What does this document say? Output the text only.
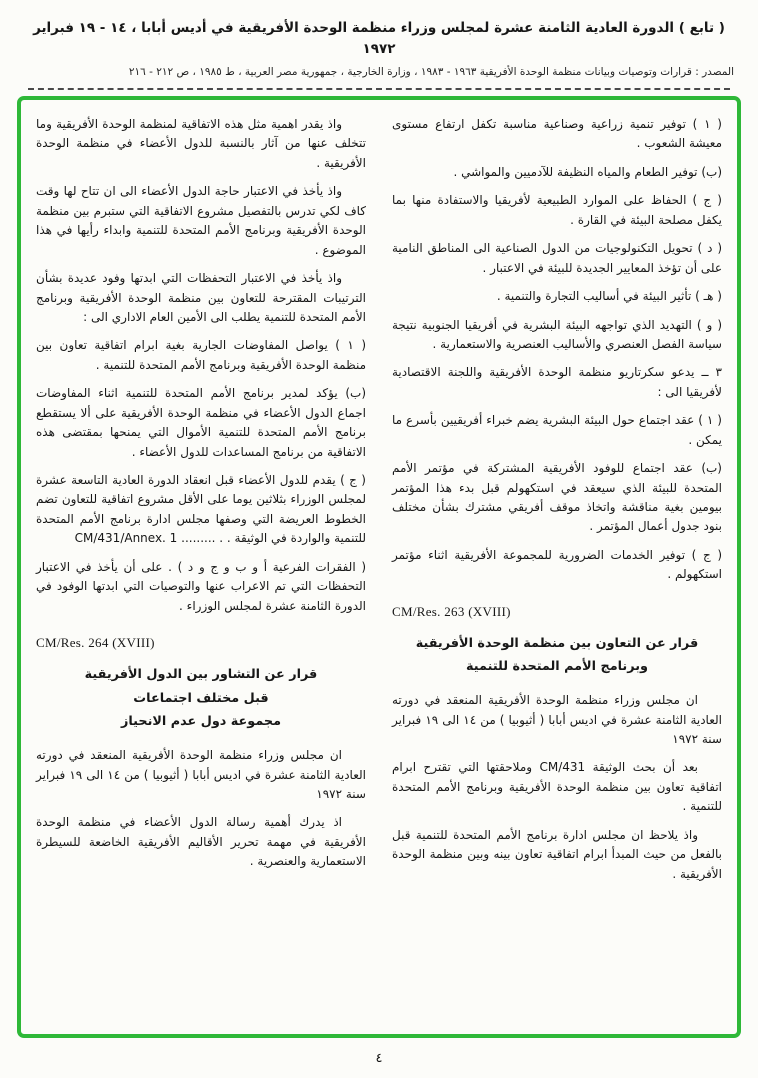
( تابع ) الدورة العادية الثامنة عشرة لمجلس وزراء منظمة الوحدة الأفريقية في أديس أبابا ، ١٤ - ١٩ فبراير ١٩٧٢
المصدر : قرارات وتوصيات وبيانات منظمة الوحدة الأفريقية ١٩٦٣ - ١٩٨٣ ، وزارة الخارجية ، جمهورية مصر العربية ، ط ١٩٨٥ ، ص ٢١٢ - ٢١٦
( ١ ) توفير تنمية زراعية وصناعية مناسبة تكفل ارتفاع مستوى معيشة الشعوب .
(ب) توفير الطعام والمياه النظيفة للآدميين والمواشي .
( ج ) الحفاظ على الموارد الطبيعية لأفريقيا والاستفادة منها بما يكفل مصلحة البيئة في القارة .
( د ) تحويل التكنولوجيات من الدول الصناعية الى المناطق النامية على أن تؤخذ المعايير الجديدة للبيئة في الاعتبار .
( هـ ) تأثير البيئة في أساليب التجارة والتنمية .
( و ) التهديد الذي تواجهه البيئة البشرية في أفريقيا الجنوبية نتيجة سياسة الفصل العنصري والأساليب العنصرية والاستعمارية .
٣ ــ يدعو سكرتاريو منظمة الوحدة الأفريقية واللجنة الاقتصادية لأفريقيا الى :
( ١ ) عقد اجتماع حول البيئة البشرية يضم خبراء أفريقيين بأسرع ما يمكن .
(ب) عقد اجتماع للوفود الأفريقية المشتركة في مؤتمر الأمم المتحدة للبيئة الذي سيعقد في استكهولم قبل بدء هذا المؤتمر بيومين بغية مناقشة واتخاذ موقف أفريقي مشترك بشأن مختلف بنود جدول أعمال المؤتمر .
( ج ) توفير الخدمات الضرورية للمجموعة الأفريقية اثناء مؤتمر استكهولم .
CM/Res. 263 (XVIII)
قرار عن التعاون بين منظمة الوحدة الأفريقية
وبرنامج الأمم المتحدة للتنمية
ان مجلس وزراء منظمة الوحدة الأفريقية المنعقد في دورته العادية الثامنة عشرة في اديس أبابا ( أثيوبيا ) من ١٤ الى ١٩ فبراير سنة ١٩٧٢
بعد أن بحث الوثيقة CM/431 وملاحقتها التي تقترح ابرام اتفاقية تعاون بين منظمة الوحدة الأفريقية وبرنامج الأمم المتحدة للتنمية .
واذ يلاحظ ان مجلس ادارة برنامج الأمم المتحدة للتنمية قبل بالفعل من حيث المبدأ ابرام اتفاقية تعاون بينه وبين منظمة الوحدة الأفريقية .
واذ يقدر اهمية مثل هذه الاتفاقية لمنظمة الوحدة الأفريقية وما تتخلف عنها من آثار بالنسبة للدول الأعضاء في منظمة الوحدة الأفريقية .
واذ يأخذ في الاعتبار حاجة الدول الأعضاء الى ان تتاح لها وقت كاف لكي تدرس بالتفصيل مشروع الاتفاقية التي ستبرم بين منظمة الوحدة الأفريقية وبرنامج الأمم المتحدة للتنمية وابداء رأيها في هذا الموضوع .
واذ يأخذ في الاعتبار التحفظات التي ابدتها وفود عديدة بشأن الترتيبات المقترحة للتعاون بين منظمة الوحدة الأفريقية وبرنامج الأمم المتحدة للتنمية يطلب الى الأمين العام الاداري الى :
( ١ ) يواصل المفاوضات الجارية بغية ابرام اتفاقية تعاون بين منظمة الوحدة الأفريقية وبرنامج الأمم المتحدة للتنمية .
(ب) يؤكد لمدير برنامج الأمم المتحدة للتنمية اثناء المفاوضات اجماع الدول الأعضاء في منظمة الوحدة الأفريقية على ألا يستقطع برنامج الأمم المتحدة للتنمية الأموال التي يمنحها بمقتضى هذه الاتفاقية من برنامج المساعدات للدول الأعضاء .
( ج ) يقدم للدول الأعضاء قبل انعقاد الدورة العادية التاسعة عشرة لمجلس الوزراء بثلاثين يوما على الأقل مشروع اتفاقية للتعاون تضم الخطوط العريضة التي وصفها مجلس ادارة برنامج الأمم المتحدة للتنمية والواردة في الوثيقة . . ......... CM/431/Annex. 1
( الفقرات الفرعية أ و ب و ج و د ) . على أن يأخذ في الاعتبار التحفظات التي تم الاعراب عنها والتوصيات التي ابدتها الوفود في الدورة الثامنة عشرة لمجلس الوزراء .
CM/Res. 264 (XVIII)
قرار عن التشاور بين الدول الأفريقية
قبل مختلف اجتماعات
مجموعة دول عدم الانحياز
ان مجلس وزراء منظمة الوحدة الأفريقية المنعقد في دورته العادية الثامنة عشرة في اديس أبابا ( أثيوبيا ) من ١٤ الى ١٩ فبراير سنة ١٩٧٢
اذ يدرك أهمية رسالة الدول الأعضاء في منظمة الوحدة الأفريقية في مهمة تحرير الأقاليم الأفريقية الخاضعة للسيطرة الاستعمارية والعنصرية .
٤
